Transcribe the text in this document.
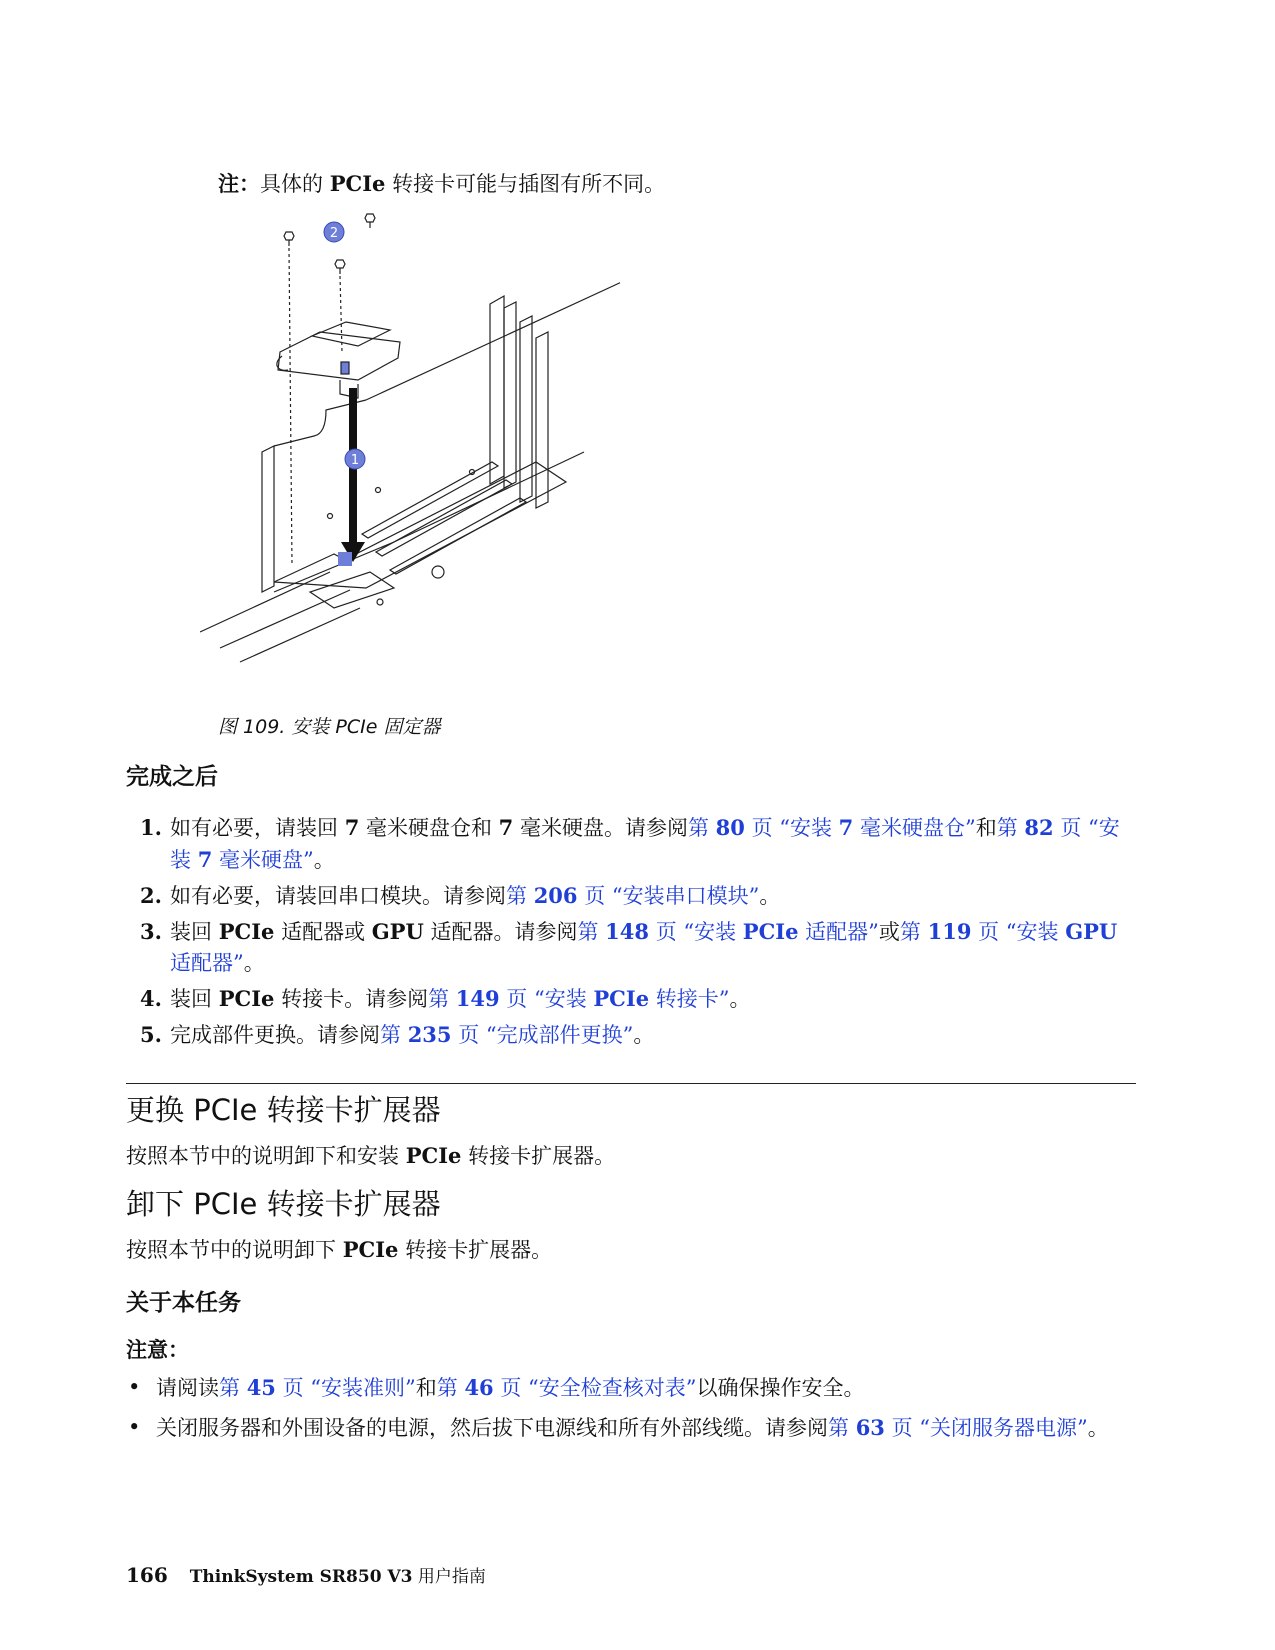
注：具体的 PCIe 转接卡可能与插图有所不同。
2
1
图 109. 安装 PCIe 固定器
完成之后
1. 如有必要，请装回 7 毫米硬盘仓和 7 毫米硬盘。请参阅第 80 页 “安装 7 毫米硬盘仓”和第 82 页 “安装 7 毫米硬盘”。
2. 如有必要，请装回串口模块。请参阅第 206 页 “安装串口模块”。
3. 装回 PCIe 适配器或 GPU 适配器。请参阅第 148 页 “安装 PCIe 适配器”或第 119 页 “安装 GPU 适配器”。
4. 装回 PCIe 转接卡。请参阅第 149 页 “安装 PCIe 转接卡”。
5. 完成部件更换。请参阅第 235 页 “完成部件更换”。
更换 PCIe 转接卡扩展器
按照本节中的说明卸下和安装 PCIe 转接卡扩展器。
卸下 PCIe 转接卡扩展器
按照本节中的说明卸下 PCIe 转接卡扩展器。
关于本任务
注意：
• 请阅读第 45 页 “安装准则”和第 46 页 “安全检查核对表”以确保操作安全。
• 关闭服务器和外围设备的电源，然后拔下电源线和所有外部线缆。请参阅第 63 页 “关闭服务器电源”。
166 ThinkSystem SR850 V3 用户指南
